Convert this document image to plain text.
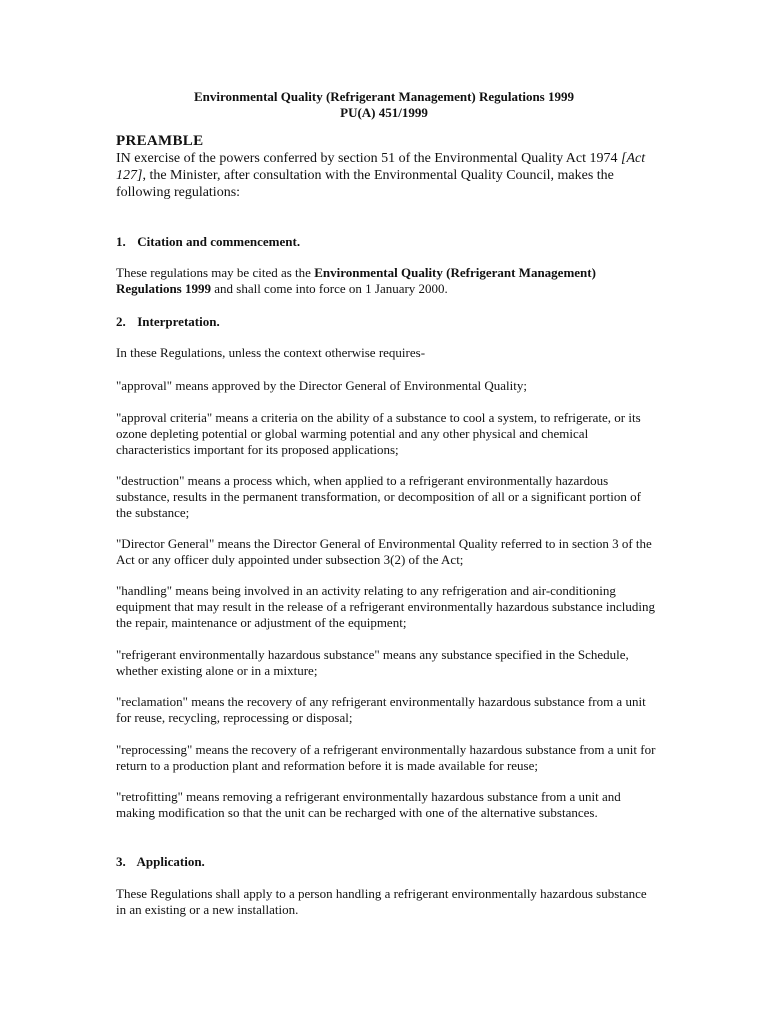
Environmental Quality (Refrigerant Management) Regulations 1999
PU(A) 451/1999
PREAMBLE
IN exercise of the powers conferred by section 51 of the Environmental Quality Act 1974 [Act 127], the Minister, after consultation with the Environmental Quality Council, makes the following regulations:
1. Citation and commencement.
These regulations may be cited as the Environmental Quality (Refrigerant Management) Regulations 1999 and shall come into force on 1 January 2000.
2. Interpretation.
In these Regulations, unless the context otherwise requires-
"approval" means approved by the Director General of Environmental Quality;
"approval criteria" means a criteria on the ability of a substance to cool a system, to refrigerate, or its ozone depleting potential or global warming potential and any other physical and chemical characteristics important for its proposed applications;
"destruction" means a process which, when applied to a refrigerant environmentally hazardous substance, results in the permanent transformation, or decomposition of all or a significant portion of the substance;
"Director General" means the Director General of Environmental Quality referred to in section 3 of the Act or any officer duly appointed under subsection 3(2) of the Act;
"handling" means being involved in an activity relating to any refrigeration and air-conditioning equipment that may result in the release of a refrigerant environmentally hazardous substance including the repair, maintenance or adjustment of the equipment;
"refrigerant environmentally hazardous substance" means any substance specified in the Schedule, whether existing alone or in a mixture;
"reclamation" means the recovery of any refrigerant environmentally hazardous substance from a unit for reuse, recycling, reprocessing or disposal;
"reprocessing" means the recovery of a refrigerant environmentally hazardous substance from a unit for return to a production plant and reformation before it is made available for reuse;
"retrofitting" means removing a refrigerant environmentally hazardous substance from a unit and making modification so that the unit can be recharged with one of the alternative substances.
3. Application.
These Regulations shall apply to a person handling a refrigerant environmentally hazardous substance in an existing or a new installation.
